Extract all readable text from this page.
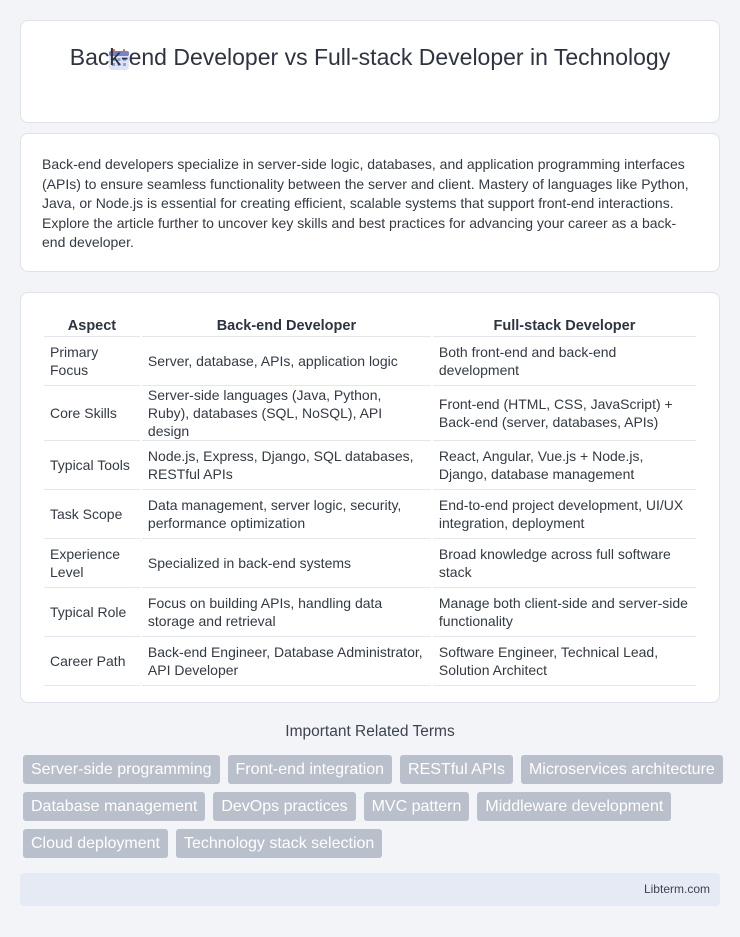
Back-end Developer vs Full-stack Developer in Technology

Back-end developers specialize in server-side logic, databases, and application programming interfaces (APIs) to ensure seamless functionality between the server and client. Mastery of languages like Python, Java, or Node.js is essential for creating efficient, scalable systems that support front-end interactions. Explore the article further to uncover key skills and best practices for advancing your career as a back-end developer.

Aspect	Back-end Developer	Full-stack Developer
Primary Focus	Server, database, APIs, application logic	Both front-end and back-end development
Core Skills	Server-side languages (Java, Python, Ruby), databases (SQL, NoSQL), API design	Front-end (HTML, CSS, JavaScript) + Back-end (server, databases, APIs)
Typical Tools	Node.js, Express, Django, SQL databases, RESTful APIs	React, Angular, Vue.js + Node.js, Django, database management
Task Scope	Data management, server logic, security, performance optimization	End-to-end project development, UI/UX integration, deployment
Experience Level	Specialized in back-end systems	Broad knowledge across full software stack
Typical Role	Focus on building APIs, handling data storage and retrieval	Manage both client-side and server-side functionality
Career Path	Back-end Engineer, Database Administrator, API Developer	Software Engineer, Technical Lead, Solution Architect
Important Related Terms
Server-side programming	Front-end integration	RESTful APIs	Microservices architecture
Database management	DevOps practices	MVC pattern	Middleware development
Cloud deployment	Technology stack selection
Libterm.com
